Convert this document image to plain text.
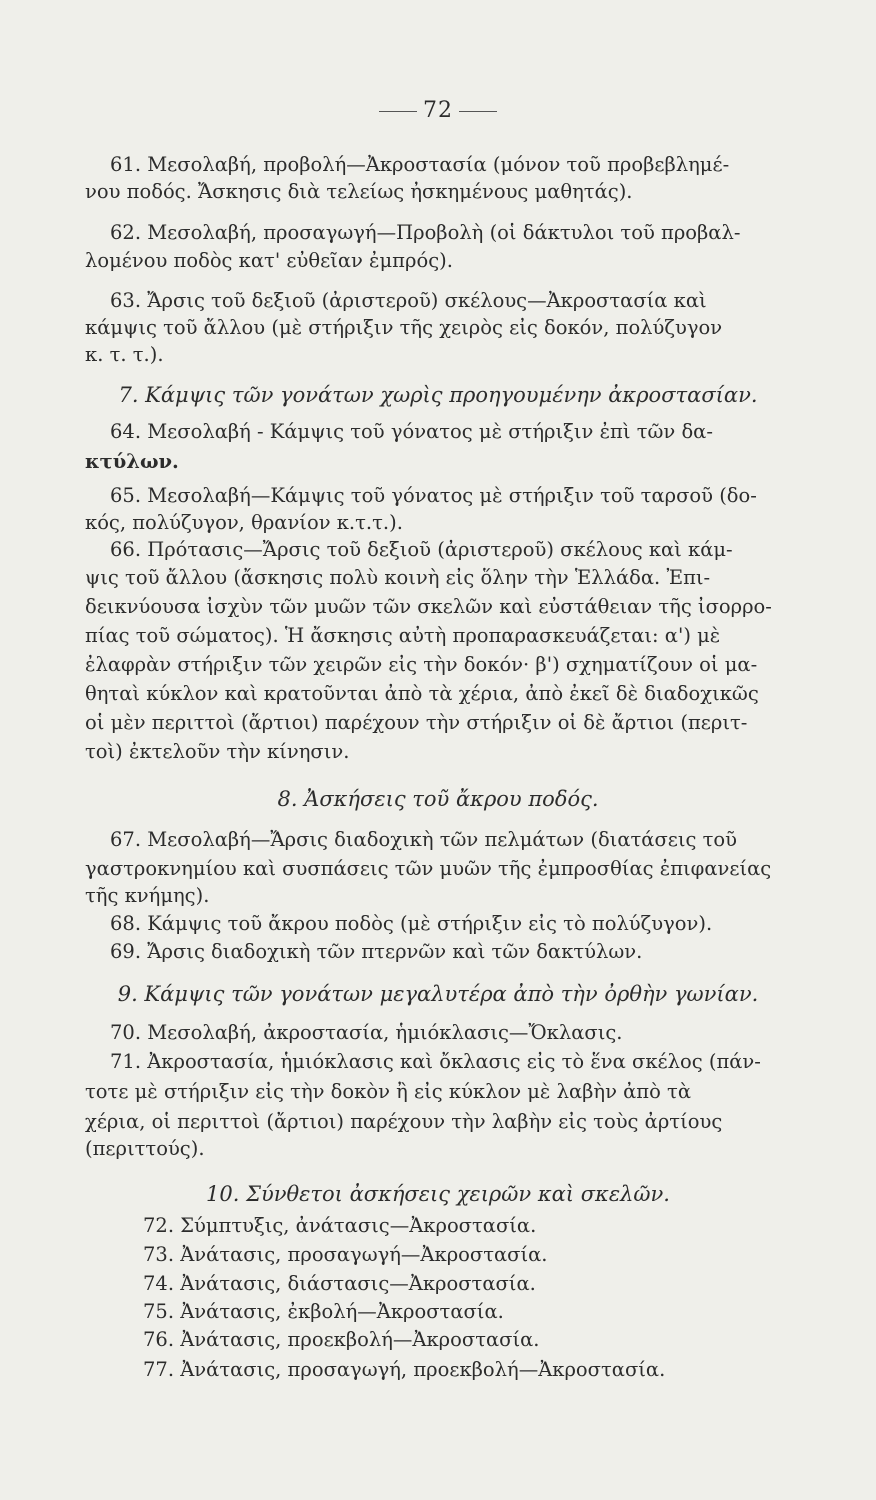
72
61. Μεσολαβή, προβολή—Ἀκροστασία (μόνον τοῦ προβεβλημέ-
νου ποδός. Ἄσκησις διὰ τελείως ἠσκημένους μαθητάς).
62. Μεσολαβή, προσαγωγή—Προβολὴ (οἱ δάκτυλοι τοῦ προβαλ-
λομένου ποδὸς κατ' εὐθεῖαν ἐμπρός).
63. Ἄρσις τοῦ δεξιοῦ (ἀριστεροῦ) σκέλους—Ἀκροστασία καὶ
κάμψις τοῦ ἄλλου (μὲ στήριξιν τῆς χειρὸς εἰς δοκόν, πολύζυγον
κ. τ. τ.).
7. Κάμψις τῶν γονάτων χωρὶς προηγουμένην ἀκροστασίαν.
64. Μεσολαβή - Κάμψις τοῦ γόνατος μὲ στήριξιν ἐπὶ τῶν δα-
κτύλων.
65. Μεσολαβή—Κάμψις τοῦ γόνατος μὲ στήριξιν τοῦ ταρσοῦ (δο-
κός, πολύζυγον, θρανίον κ.τ.τ.).
66. Πρότασις—Ἄρσις τοῦ δεξιοῦ (ἀριστεροῦ) σκέλους καὶ κάμ-
ψις τοῦ ἄλλου (ἄσκησις πολὺ κοινὴ εἰς ὅλην τὴν Ἑλλάδα. Ἐπι-
δεικνύουσα ἰσχὺν τῶν μυῶν τῶν σκελῶν καὶ εὐστάθειαν τῆς ἰσορρο-
πίας τοῦ σώματος). Ἡ ἄσκησις αὐτὴ προπαρασκευάζεται: α') μὲ
ἐλαφρὰν στήριξιν τῶν χειρῶν εἰς τὴν δοκόν· β') σχηματίζουν οἱ μα-
θηταὶ κύκλον καὶ κρατοῦνται ἀπὸ τὰ χέρια, ἀπὸ ἐκεῖ δὲ διαδοχικῶς
οἱ μὲν περιττοὶ (ἄρτιοι) παρέχουν τὴν στήριξιν οἱ δὲ ἄρτιοι (περιτ-
τοὶ) ἐκτελοῦν τὴν κίνησιν.
8. Ἀσκήσεις τοῦ ἄκρου ποδός.
67. Μεσολαβή—Ἄρσις διαδοχικὴ τῶν πελμάτων (διατάσεις τοῦ
γαστροκνημίου καὶ συσπάσεις τῶν μυῶν τῆς ἐμπροσθίας ἐπιφανείας
τῆς κνήμης).
68. Κάμψις τοῦ ἄκρου ποδὸς (μὲ στήριξιν εἰς τὸ πολύζυγον).
69. Ἄρσις διαδοχικὴ τῶν πτερνῶν καὶ τῶν δακτύλων.
9. Κάμψις τῶν γονάτων μεγαλυτέρα ἀπὸ τὴν ὀρθὴν γωνίαν.
70. Μεσολαβή, ἀκροστασία, ἡμιόκλασις—Ὄκλασις.
71. Ἀκροστασία, ἡμιόκλασις καὶ ὄκλασις εἰς τὸ ἕνα σκέλος (πάν-
τοτε μὲ στήριξιν εἰς τὴν δοκὸν ἢ εἰς κύκλον μὲ λαβὴν ἀπὸ τὰ
χέρια, οἱ περιττοὶ (ἄρτιοι) παρέχουν τὴν λαβὴν εἰς τοὺς ἀρτίους
(περιττούς).
10. Σύνθετοι ἀσκήσεις χειρῶν καὶ σκελῶν.
72. Σύμπτυξις, ἀνάτασις—Ἀκροστασία.
73. Ἀνάτασις, προσαγωγή—Ἀκροστασία.
74. Ἀνάτασις, διάστασις—Ἀκροστασία.
75. Ἀνάτασις, ἐκβολή—Ἀκροστασία.
76. Ἀνάτασις, προεκβολή—Ἀκροστασία.
77. Ἀνάτασις, προσαγωγή, προεκβολή—Ἀκροστασία.
